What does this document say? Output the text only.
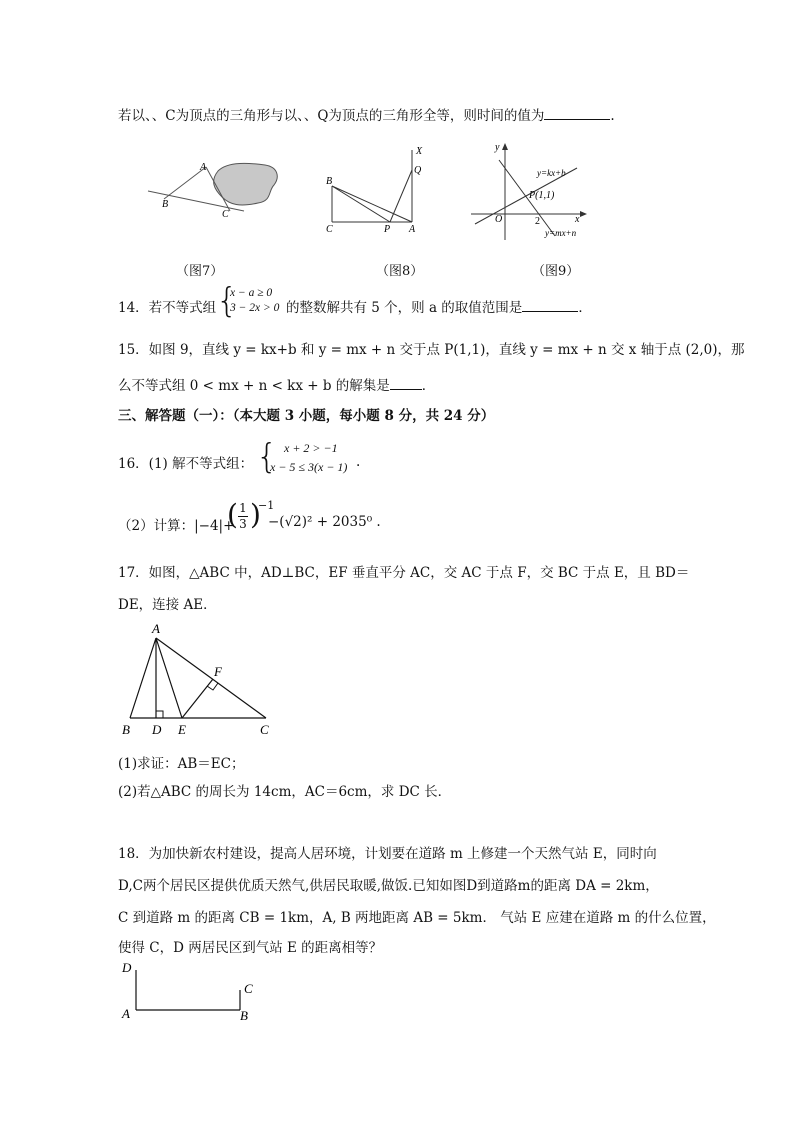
若以、、C为顶点的三角形与以、、Q为顶点的三角形全等，则时间的值为	.
A
B
C
X
Q
B
C	P A
y
y=kx+b
P(1,1)
O	2	x
y=mx+n
（图7）	（图8）	（图9）
14．若不等式组 {
x − a ≥ 0
3 − 2x > 0 的整数解共有 5 个，则 a 的取值范围是	．
15．如图 9，直线 y = kx+b 和 y = mx + n 交于点 P(1,1)，直线 y = mx + n 交 x 轴于点 (2,0)，那
么不等式组 0 < mx + n < kx + b 的解集是 ．
三、解答题（一）：（本大题 3 小题，每小题 8 分，共 24 分）
16．(1) 解不等式组： { x + 2 > −1
x − 5 ≤ 3(x − 1) .
（2）计算：|−4|+
( 1
3 )
−1
−(√2)² + 2035⁰ .
17．如图，△ABC 中，AD⊥BC，EF 垂直平分 AC，交 AC 于点 F，交 BC 于点 E，且 BD＝
DE，连接 AE．
A
F
B D E	C
(1)求证：AB＝EC；
(2)若△ABC 的周长为 14cm，AC＝6cm，求 DC 长．
18．为加快新农村建设，提高人居环境，计划要在道路 m 上修建一个天然气站 E，同时向
D,C两个居民区提供优质天然气,供居民取暖,做饭.已知如图D到道路m的距离 DA = 2km，
C 到道路 m 的距离 CB = 1km，A, B 两地距离 AB = 5km． 气站 E 应建在道路 m 的什么位置，
使得 C，D 两居民区到气站 E 的距离相等？
D
C
A	B
